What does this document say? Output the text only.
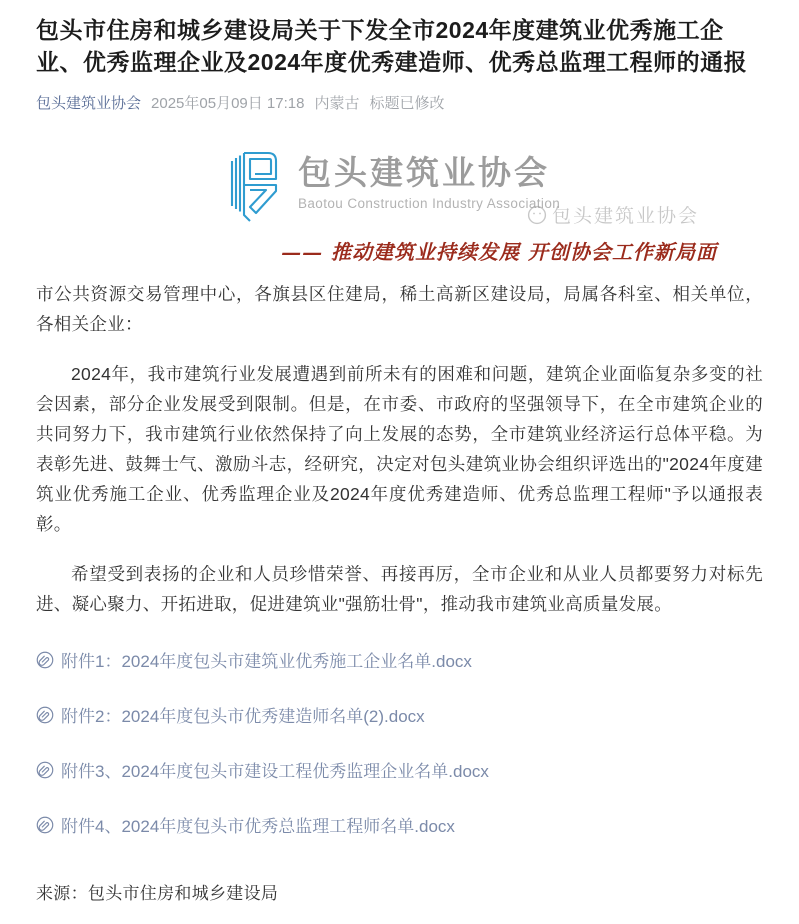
包头市住房和城乡建设局关于下发全市2024年度建筑业优秀施工企业、优秀监理企业及2024年度优秀建造师、优秀总监理工程师的通报
包头建筑业协会 2025年05月09日 17:18 内蒙古 标题已修改
包头建筑业协会
Baotou Construction Industry Association
包头建筑业协会
—— 推动建筑业持续发展 开创协会工作新局面

市公共资源交易管理中心，各旗县区住建局，稀土高新区建设局，局属各科室、相关单位，各相关企业：

2024年，我市建筑行业发展遭遇到前所未有的困难和问题，建筑企业面临复杂多变的社会因素，部分企业发展受到限制。但是，在市委、市政府的坚强领导下，在全市建筑企业的共同努力下，我市建筑行业依然保持了向上发展的态势，全市建筑业经济运行总体平稳。为表彰先进、鼓舞士气、激励斗志，经研究，决定对包头建筑业协会组织评选出的"2024年度建筑业优秀施工企业、优秀监理企业及2024年度优秀建造师、优秀总监理工程师"予以通报表彰。

希望受到表扬的企业和人员珍惜荣誉、再接再厉，全市企业和从业人员都要努力对标先进、凝心聚力、开拓进取，促进建筑业"强筋壮骨"，推动我市建筑业高质量发展。

附件1：2024年度包头市建筑业优秀施工企业名单.docx
附件2：2024年度包头市优秀建造师名单(2).docx
附件3、2024年度包头市建设工程优秀监理企业名单.docx
附件4、2024年度包头市优秀总监理工程师名单.docx

来源：包头市住房和城乡建设局
